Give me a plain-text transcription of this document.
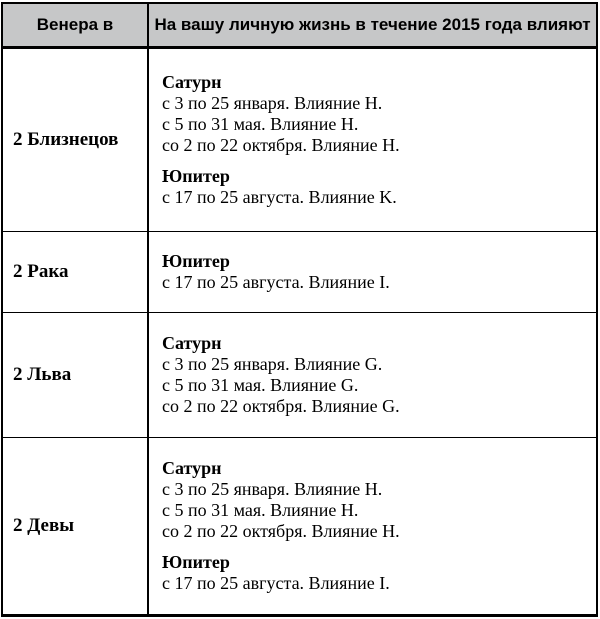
Венера в На вашу личную жизнь в течение 2015 года влияют
2 Близнецов
Сатурн
с 3 по 25 января. Влияние H.
с 5 по 31 мая. Влияние H.
со 2 по 22 октября. Влияние H.
Юпитер
с 17 по 25 августа. Влияние K.
2 Рака	Юпитер
с 17 по 25 августа. Влияние I.
2 Льва
Сатурн
с 3 по 25 января. Влияние G.
с 5 по 31 мая. Влияние G.
со 2 по 22 октября. Влияние G.
2 Девы
Сатурн
с 3 по 25 января. Влияние H.
с 5 по 31 мая. Влияние H.
со 2 по 22 октября. Влияние H.
Юпитер
с 17 по 25 августа. Влияние I.
